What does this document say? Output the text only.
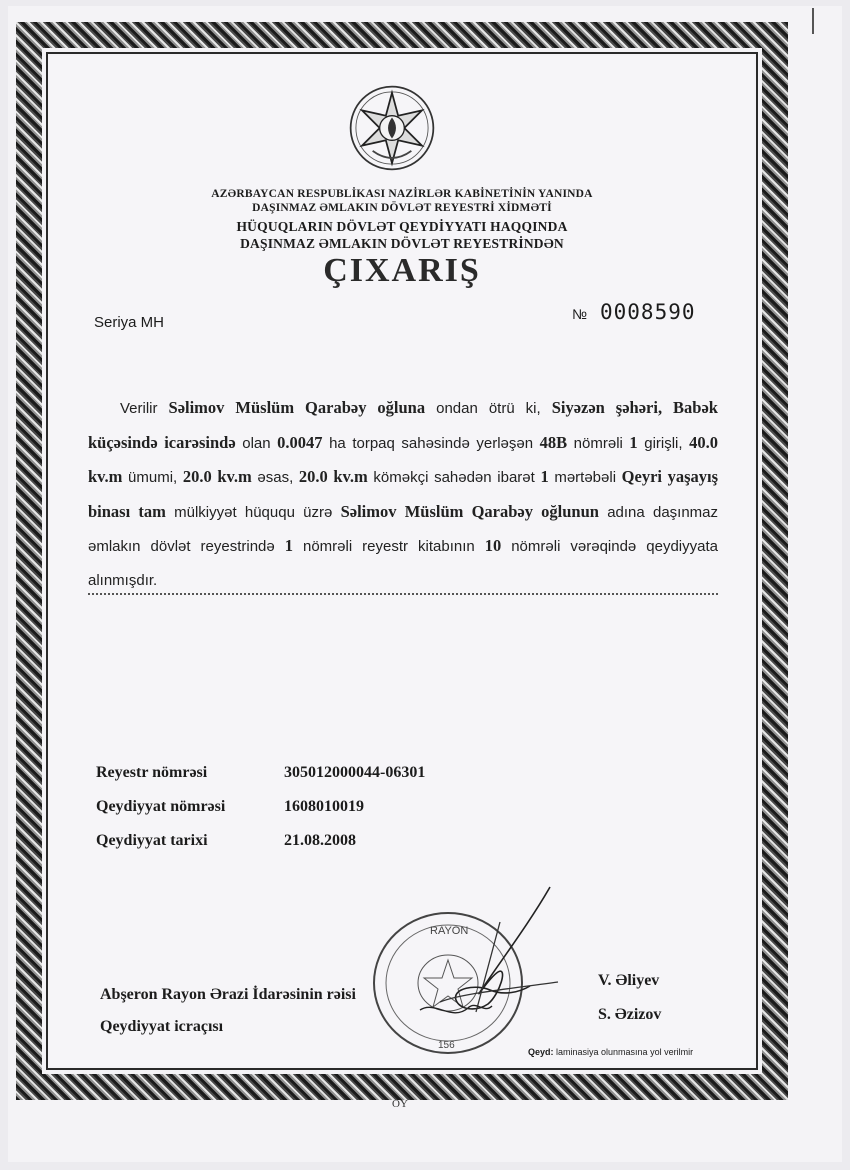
AZƏRBAYCAN RESPUBLİKASI NAZİRLƏR KABİNETİNİN YANINDA
DAŞINMAZ ƏMLAKIN DÖVLƏT REYESTRİ XİDMƏTİ
HÜQUQLARIN DÖVLƏT QEYDİYYATI HAQQINDA
DAŞINMAZ ƏMLAKIN DÖVLƏT REYESTRİNDƏN
ÇIXARIŞ
Seriya MH	№ 0008590
Verilir Səlimov Müslüm Qarabəy oğluna ondan ötrü ki, Siyəzən şəhəri, Babək küçəsində icarəsində olan 0.0047 ha torpaq sahəsində yerləşən 48B nömrəli 1 girişli, 40.0 kv.m ümumi, 20.0 kv.m əsas, 20.0 kv.m köməkçi sahədən ibarət 1 mərtəbəli Qeyri yaşayış binası tam mülkiyyət hüququ üzrə Səlimov Müslüm Qarabəy oğlunun adına daşınmaz əmlakın dövlət reyestrində 1 nömrəli reyestr kitabının 10 nömrəli vərəqində qeydiyyata alınmışdır.
Reyestr nömrəsi	305012000044-06301
Qeydiyyat nömrəsi	1608010019
Qeydiyyat tarixi	21.08.2008
RAYON
156
Abşeron Rayon Ərazi İdarəsinin rəisi
Qeydiyyat icraçısı
V. Əliyev
S. Əzizov
Qeyd: laminasiya olunmasına yol verilmir
OY
